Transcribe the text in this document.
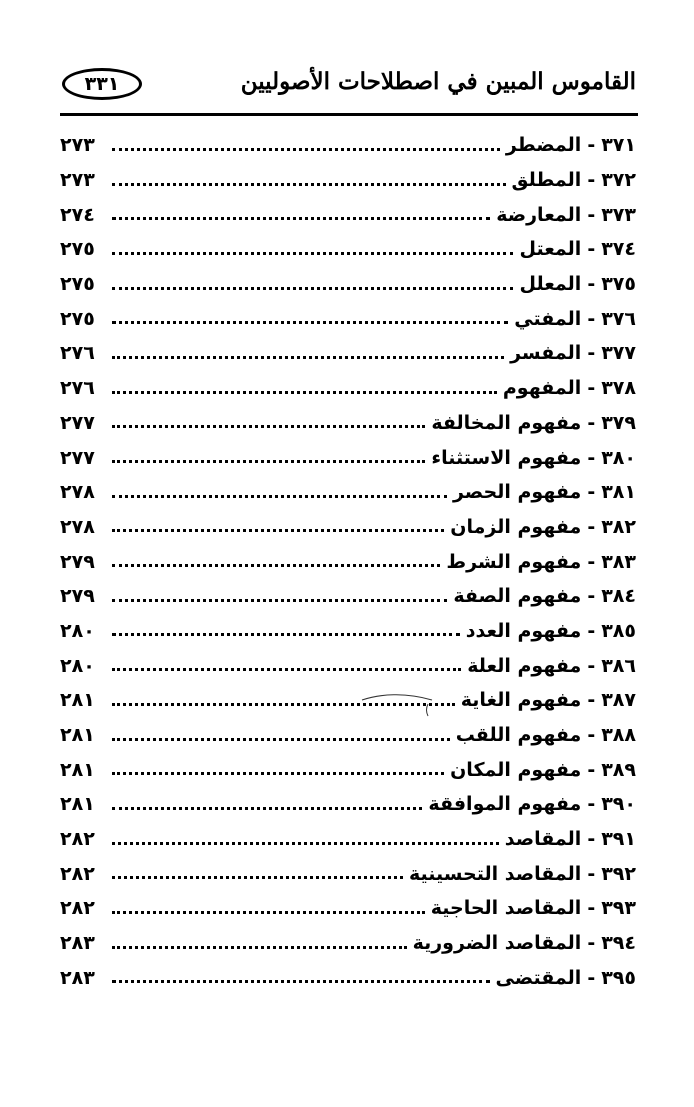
القاموس المبين في اصطلاحات الأصوليين
٣٣١
٣٧١
-
المضطر
٢٧٣
٣٧٢
-
المطلق
٢٧٣
٣٧٣
-
المعارضة
٢٧٤
٣٧٤
-
المعتل
٢٧٥
٣٧٥
-
المعلل
٢٧٥
٣٧٦
-
المفتي
٢٧٥
٣٧٧
-
المفسر
٢٧٦
٣٧٨
-
المفهوم
٢٧٦
٣٧٩
-
مفهوم المخالفة
٢٧٧
٣٨٠
-
مفهوم الاستثناء
٢٧٧
٣٨١
-
مفهوم الحصر
٢٧٨
٣٨٢
-
مفهوم الزمان
٢٧٨
٣٨٣
-
مفهوم الشرط
٢٧٩
٣٨٤
-
مفهوم الصفة
٢٧٩
٣٨٥
-
مفهوم العدد
٢٨٠
٣٨٦
-
مفهوم العلة
٢٨٠
٣٨٧
-
مفهوم الغاية
٢٨١
٣٨٨
-
مفهوم اللقب
٢٨١
٣٨٩
-
مفهوم المكان
٢٨١
٣٩٠
-
مفهوم الموافقة
٢٨١
٣٩١
-
المقاصد
٢٨٢
٣٩٢
-
المقاصد التحسينية
٢٨٢
٣٩٣
-
المقاصد الحاجية
٢٨٢
٣٩٤
-
المقاصد الضرورية
٢٨٣
٣٩٥
-
المقتضى
٢٨٣
